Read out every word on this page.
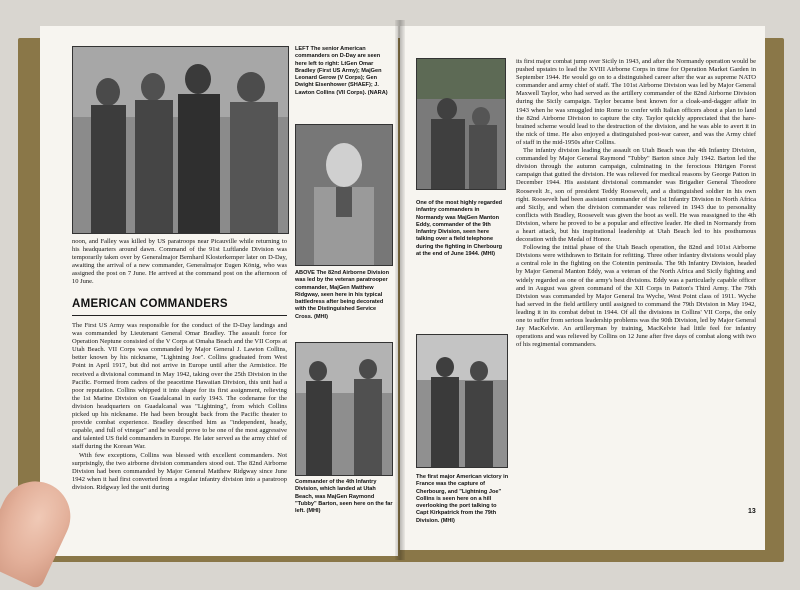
LEFT The senior American commanders on D-Day are seen here left to right: LtGen Omar Bradley (First US Army); MajGen Leonard Gerow (V Corps); Gen Dwight Eisenhower (SHAEF); J. Lawton Collins (VII Corps). (NARA)
ABOVE The 82nd Airborne Division was led by the veteran paratrooper commander, MajGen Matthew Ridgway, seen here in his typical battledress after being decorated with the Distinguished Service Cross. (MHI)
Commander of the 4th Infantry Division, which landed at Utah Beach, was MajGen Raymond "Tubby" Barton, seen here on the far left. (MHI)

noon, and Falley was killed by US paratroops near Picauville while returning to his headquarters around dawn. Command of the 91st Luftlande Division was temporarily taken over by Generalmajor Bernhard Klosterkemper later on D-Day, awaiting the arrival of a new commander, Generalmajor Eugen König, who was assigned the post on 7 June. He arrived at the command post on the afternoon of 10 June.

AMERICAN COMMANDERS

The First US Army was responsible for the conduct of the D-Day landings and was commanded by Lieutenant General Omar Bradley. The assault force for Operation Neptune consisted of the V Corps at Omaha Beach and the VII Corps at Utah Beach. VII Corps was commanded by Major General J. Lawton Collins, better known by his nickname, "Lightning Joe". Collins graduated from West Point in April 1917, but did not arrive in Europe until after the Armistice. He received a divisional command in May 1942, taking over the 25th Division in the Pacific. Formed from cadres of the peacetime Hawaiian Division, this unit had a poor reputation. Collins whipped it into shape for its first assignment, relieving the 1st Marine Division on Guadalcanal in early 1943. The codename for the division headquarters on Guadalcanal was "Lightning", from which Collins picked up his nickname. He had been brought back from the Pacific theater to provide combat experience. Bradley described him as "independent, heady, capable, and full of vinegar" and he would prove to be one of the most aggressive and talented US field commanders in Europe. He later served as the army chief of staff during the Korean War.

With few exceptions, Collins was blessed with excellent commanders. Not surprisingly, the two airborne division commanders stood out. The 82nd Airborne Division had been commanded by Major General Matthew Ridgway since June 1942 when it had first converted from a regular infantry division into a paratroop division. Ridgway led the unit during

One of the most highly regarded infantry commanders in Normandy was MajGen Manton Eddy, commander of the 9th Infantry Division, seen here talking over a field telephone during the fighting in Cherbourg at the end of June 1944. (MHI)
The first major American victory in France was the capture of Cherbourg, and "Lightning Joe" Collins is seen here on a hill overlooking the port talking to Capt Kirkpatrick from the 79th Division. (MHI)

its first major combat jump over Sicily in 1943, and after the Normandy operation would be pushed upstairs to lead the XVIII Airborne Corps in time for Operation Market Garden in September 1944. He would go on to a distinguished career after the war as supreme NATO commander and army chief of staff. The 101st Airborne Division was led by Major General Maxwell Taylor, who had served as the artillery commander of the 82nd Airborne Division during the Sicily campaign. Taylor became best known for a cloak-and-dagger affair in 1943 when he was smuggled into Rome to confer with Italian officers about a plan to land the 82nd Airborne Division to capture the city. Taylor quickly appreciated that the hare-brained scheme would lead to the destruction of the division, and he was able to avert it in the nick of time. He also enjoyed a distinguished post-war career, and was the Army chief of staff in the mid-1950s after Collins.

The infantry division leading the assault on Utah Beach was the 4th Infantry Division, commanded by Major General Raymond "Tubby" Barton since July 1942. Barton led the division through the autumn campaign, culminating in the ferocious Hürtgen Forest campaign that gutted the division. He was relieved for medical reasons by George Patton in December 1944. His assistant divisional commander was Brigadier General Theodore Roosevelt Jr., son of president Teddy Roosevelt, and a distinguished soldier in his own right. Roosevelt had been assistant commander of the 1st Infantry Division in North Africa and Sicily, and when the division commander was relieved in 1943 due to personality conflicts with Bradley, Roosevelt was given the boot as well. He was reassigned to the 4th Division, where he proved to be a popular and effective leader. He died in Normandy from a heart attack, but his inspirational leadership at Utah Beach led to his posthumous decoration with the Medal of Honor.

Following the initial phase of the Utah Beach operation, the 82nd and 101st Airborne Divisions were withdrawn to Britain for refitting. Three other infantry divisions would play a central role in the fighting on the Cotentin peninsula. The 9th Infantry Division, headed by Major General Manton Eddy, was a veteran of the North Africa and Sicily fighting and widely regarded as one of the army's best divisions. Eddy was a particularly capable officer and in August was given command of the XII Corps in Patton's Third Army. The 79th Division was commanded by Major General Ira Wyche, West Point class of 1911. Wyche had served in the field artillery until assigned to command the 79th Division in May 1942, leading it in its combat debut in 1944. Of all the divisions in Collins' VII Corps, the only one to suffer from serious leadership problems was the 90th Division, led by Major General Jay MacKelvie. An artilleryman by training, MacKelvie had little feel for infantry operations and was relieved by Collins on 12 June after five days of combat along with two of his regimental commanders.

13
